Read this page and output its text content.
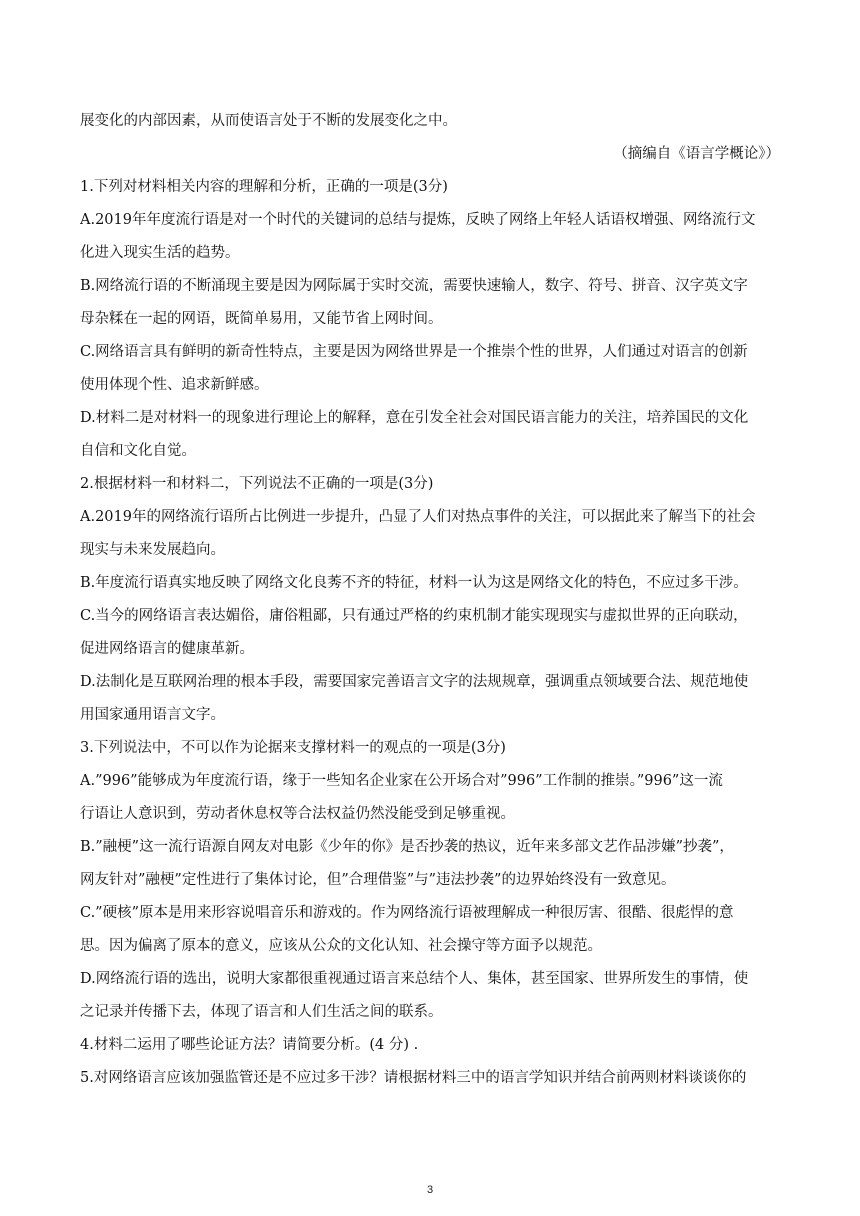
展变化的内部因素，从而使语言处于不断的发展变化之中。
（摘编自《语言学概论》）
1.下列对材料相关内容的理解和分析，正确的一项是(3分)
A.2019年年度流行语是对一个时代的关键词的总结与提炼，反映了网络上年轻人话语权增强、网络流行文
化进入现实生活的趋势。
B.网络流行语的不断涌现主要是因为网际属于实时交流，需要快速输人，数字、符号、拼音、汉字英文字
母杂糅在一起的网语，既简单易用，又能节省上网时间。
C.网络语言具有鲜明的新奇性特点，主要是因为网络世界是一个推崇个性的世界，人们通过对语言的创新
使用体现个性、追求新鲜感。
D.材料二是对材料一的现象进行理论上的解释，意在引发全社会对国民语言能力的关注，培养国民的文化
自信和文化自觉。
2.根据材料一和材料二，下列说法不正确的一项是(3分)
A.2019年的网络流行语所占比例进一步提升，凸显了人们对热点事件的关注，可以据此来了解当下的社会
现实与未来发展趋向。
B.年度流行语真实地反映了网络文化良莠不齐的特征，材料一认为这是网络文化的特色，不应过多干涉。
C.当今的网络语言表达媚俗，庸俗粗鄙，只有通过严格的约束机制才能实现现实与虚拟世界的正向联动，
促进网络语言的健康革新。
D.法制化是互联网治理的根本手段，需要国家完善语言文字的法规规章，强调重点领域要合法、规范地使
用国家通用语言文字。
3.下列说法中，不可以作为论据来支撑材料一的观点的一项是(3分)
A.”996”能够成为年度流行语，缘于一些知名企业家在公开场合对”996”工作制的推崇。”996”这一流
行语让人意识到，劳动者休息权等合法权益仍然没能受到足够重视。
B.”融梗”这一流行语源自网友对电影《少年的你》是否抄袭的热议，近年来多部文艺作品涉嫌”抄袭”，
网友针对”融梗”定性进行了集体讨论，但”合理借鉴”与”违法抄袭”的边界始终没有一致意见。
C.”硬核”原本是用来形容说唱音乐和游戏的。作为网络流行语被理解成一种很厉害、很酷、很彪悍的意
思。因为偏离了原本的意义，应该从公众的文化认知、社会操守等方面予以规范。
D.网络流行语的选出，说明大家都很重视通过语言来总结个人、集体，甚至国家、世界所发生的事情，使
之记录并传播下去，体现了语言和人们生活之间的联系。
4.材料二运用了哪些论证方法？请简要分析。(4 分) .
5.对网络语言应该加强监管还是不应过多干涉？请根据材料三中的语言学知识并结合前两则材料谈谈你的
3
